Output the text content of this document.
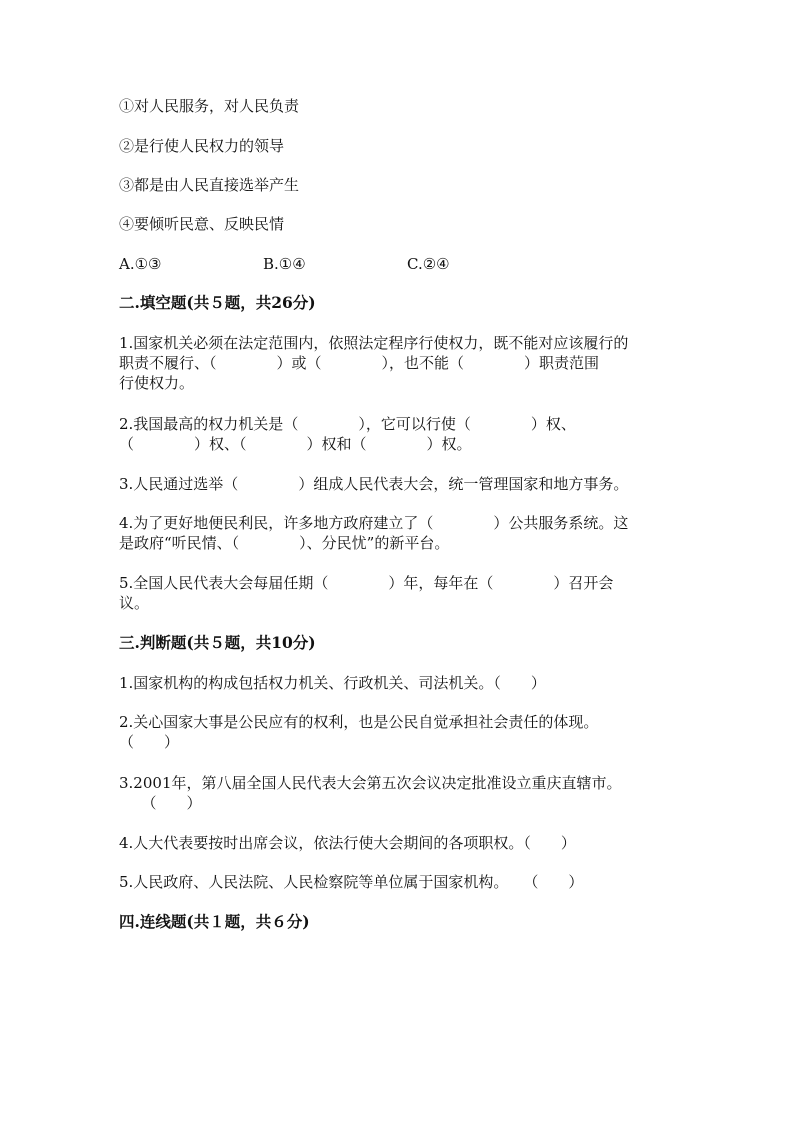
①对人民服务，对人民负责
②是行使人民权力的领导
③都是由人民直接选举产生
④要倾听民意、反映民情
A.①③	B.①④	C.②④
二.填空题(共５题，共26分)
1.国家机关必须在法定范围内，依照法定程序行使权力，既不能对应该履行的
职责不履行、（　　　　）或（　　　　），也不能（　　　　）职责范围
行使权力。
2.我国最高的权力机关是（　　　　），它可以行使（　　　　）权、
（　　　　）权、（　　　　）权和（　　　　）权。
3.人民通过选举（　　　　）组成人民代表大会，统一管理国家和地方事务。
4.为了更好地便民利民，许多地方政府建立了（　　　　）公共服务系统。这
是政府“听民情、（　　　　）、分民忧”的新平台。
5.全国人民代表大会每届任期（　　　　）年，每年在（　　　　）召开会
议。
三.判断题(共５题，共10分)
1.国家机构的构成包括权力机关、行政机关、司法机关。（　　）
2.关心国家大事是公民应有的权利，也是公民自觉承担社会责任的体现。
（　　）
3.2001年，第八届全国人民代表大会第五次会议决定批准设立重庆直辖市。
　　（　　）
4.人大代表要按时出席会议，依法行使大会期间的各项职权。（　　）
5.人民政府、人民法院、人民检察院等单位属于国家机构。　　（　　）
四.连线题(共１题，共６分)
